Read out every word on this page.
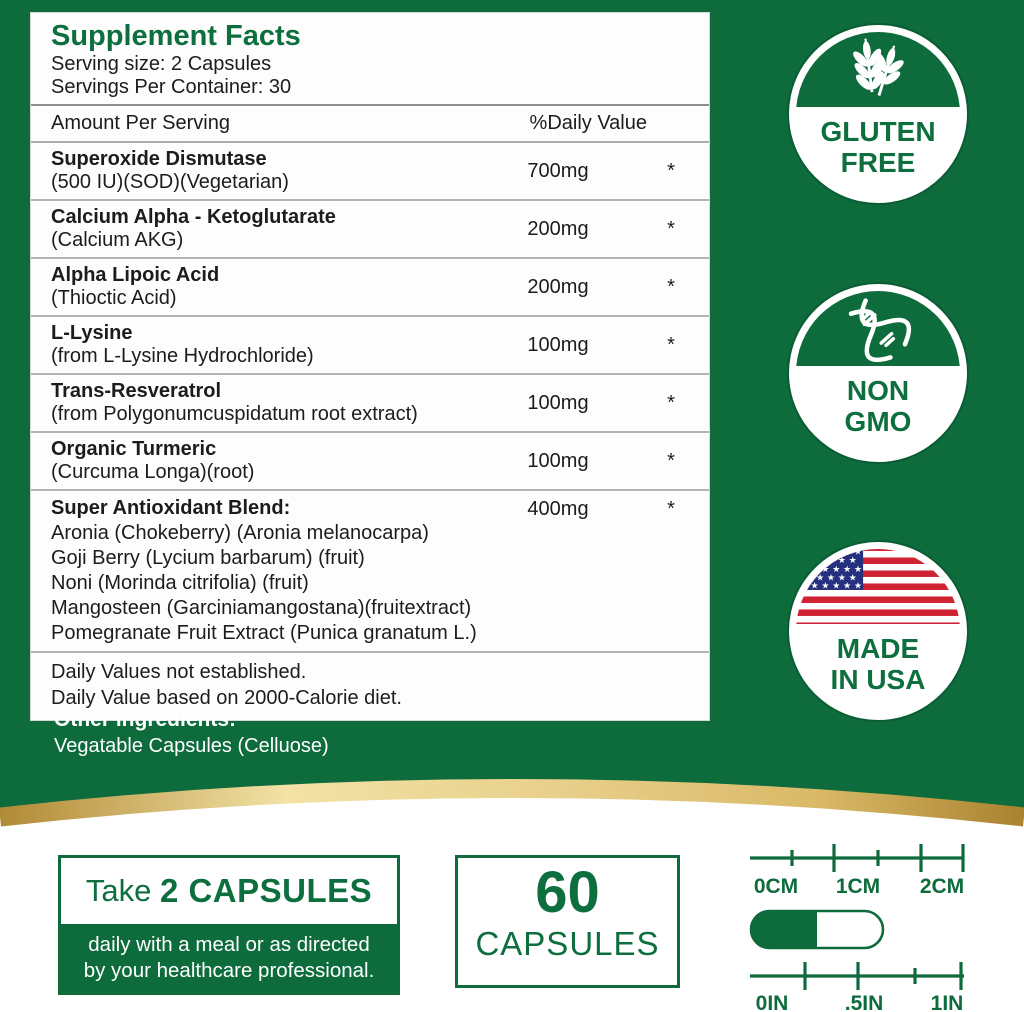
Supplement Facts
Serving size: 2 Capsules
Servings Per Container: 30
Amount Per Serving	%Daily Value
Superoxide Dismutase
(500 IU)(SOD)(Vegetarian)
700mg	*
Calcium Alpha - Ketoglutarate
(Calcium AKG)
200mg	*
Alpha Lipoic Acid
(Thioctic Acid)
200mg	*
L-Lysine
(from L-Lysine Hydrochloride)
100mg	*
Trans-Resveratrol
(from Polygonumcuspidatum root extract)
100mg	*
Organic Turmeric
(Curcuma Longa)(root)
100mg	*
Super Antioxidant Blend:
Aronia (Chokeberry) (Aronia melanocarpa)
Goji Berry (Lycium barbarum) (fruit)
Noni (Morinda citrifolia) (fruit)
Mangosteen (Garciniamangostana)(fruitextract)
Pomegranate Fruit Extract (Punica granatum L.)
400mg	*
Daily Values not established.
Daily Value based on 2000-Calorie diet.
Other ingredients:
Vegatable Capsules (Celluose)
GLUTEN
FREE
NON
GMO
★ ★ ★ ★ ★ ★
★ ★ ★ ★ ★
★ ★ ★ ★ ★ ★
★ ★ ★ ★ ★
★ ★ ★ ★ ★ ★
MADE
IN USA
Take
2 CAPSULES
daily with a meal or as directed
by your healthcare professional.
60
CAPSULES
0CM 1CM 2CM
0IN	.5IN 1IN
